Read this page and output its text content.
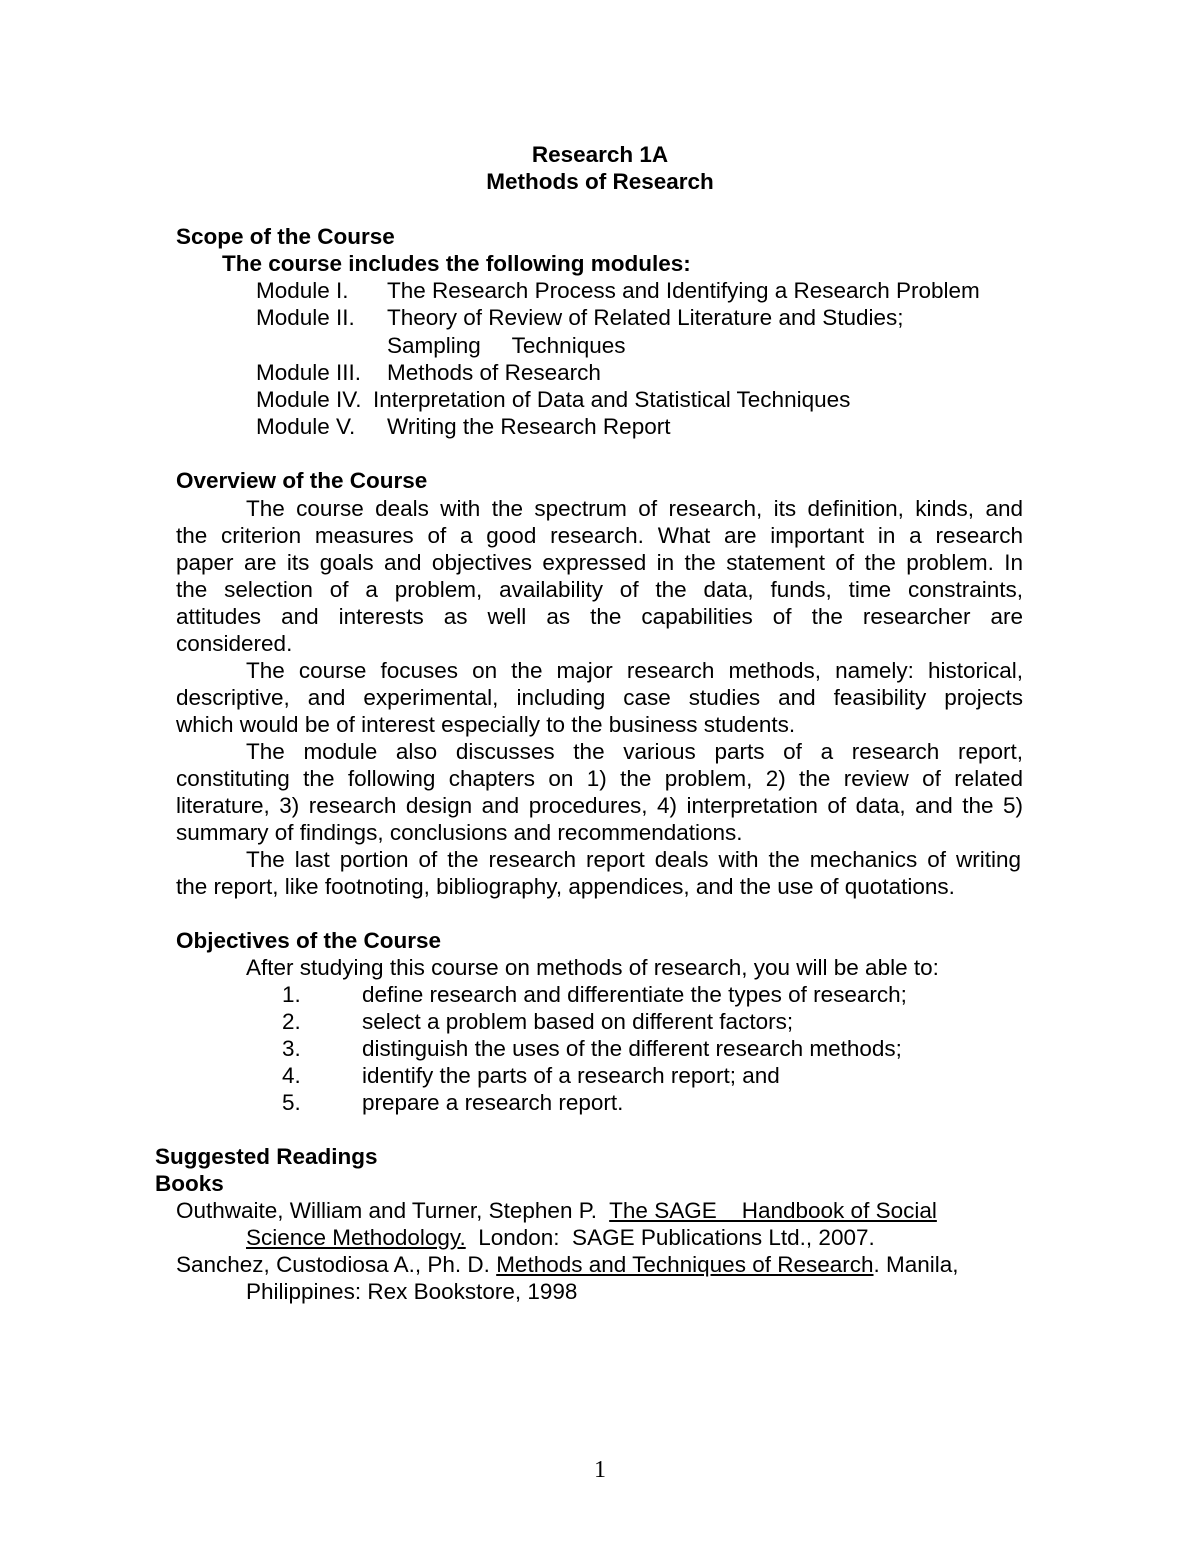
Research 1A
Methods of Research
Scope of the Course
The course includes the following modules:
Module I. The Research Process and Identifying a Research Problem
Module II. Theory of Review of Related Literature and Studies;
Sampling     Techniques
Module III. Methods of Research
Module IV. Interpretation of Data and Statistical Techniques
Module V. Writing the Research Report
Overview of the Course
The course deals with the spectrum of research, its definition, kinds, and
the criterion measures of a good research. What are important in a research
paper are its goals and objectives expressed in the statement of the problem. In
the selection of a problem, availability of the data, funds, time constraints,
attitudes and interests as well as the capabilities of the researcher are
considered.
The course focuses on the major research methods, namely: historical,
descriptive, and experimental, including case studies and feasibility projects
which would be of interest especially to the business students.
The module also discusses the various parts of a research report,
constituting the following chapters on 1) the problem, 2) the review of related
literature, 3) research design and procedures, 4) interpretation of data, and the 5)
summary of findings, conclusions and recommendations.
The last portion of the research report deals with the mechanics of writing
the report, like footnoting, bibliography, appendices, and the use of quotations.
Objectives of the Course
After studying this course on methods of research, you will be able to:
1.	define research and differentiate the types of research;
2.	select a problem based on different factors;
3.	distinguish the uses of the different research methods;
4.	identify the parts of a research report; and
5.	prepare a research report.
Suggested Readings
Books
Outhwaite, William and Turner, Stephen P.  The SAGE    Handbook of Social
Science Methodology.  London:  SAGE Publications Ltd., 2007.
Sanchez, Custodiosa A., Ph. D. Methods and Techniques of Research. Manila,
Philippines: Rex Bookstore, 1998
1
